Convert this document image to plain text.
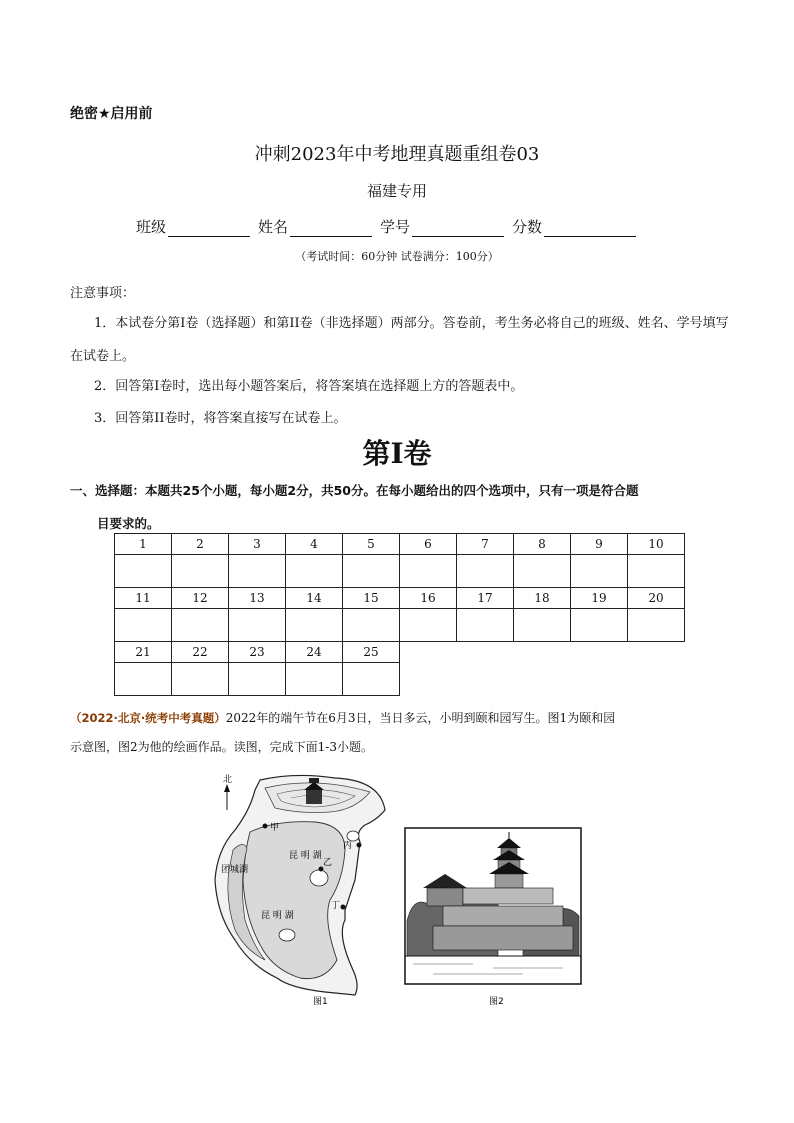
绝密★启用前
冲刺2023年中考地理真题重组卷03
福建专用
班级	姓名	学号	分数
（考试时间：60分钟 试卷满分：100分）
注意事项：
1．本试卷分第I卷（选择题）和第II卷（非选择题）两部分。答卷前，考生务必将自己的班级、姓名、学号填写在试卷上。
2．回答第I卷时，选出每小题答案后，将答案填在选择题上方的答题表中。
3．回答第II卷时，将答案直接写在试卷上。
第I卷
一、选择题：本题共25个小题，每小题2分，共50分。在每小题给出的四个选项中，只有一项是符合题
目要求的。
1	2	3	4	5	6	7	8	9	10

11	12	13	14	15	16	17	18	19	20

21	22	23	24	25					

（2022·北京·统考中考真题）2022年的端午节在6月3日，当日多云，小明到颐和园写生。图1为颐和园
示意图，图2为他的绘画作品。读图，完成下面1-3小题。
北
甲
乙
丙
丁
昆 明 湖
昆 明 湖
团城湖
图1	图2
